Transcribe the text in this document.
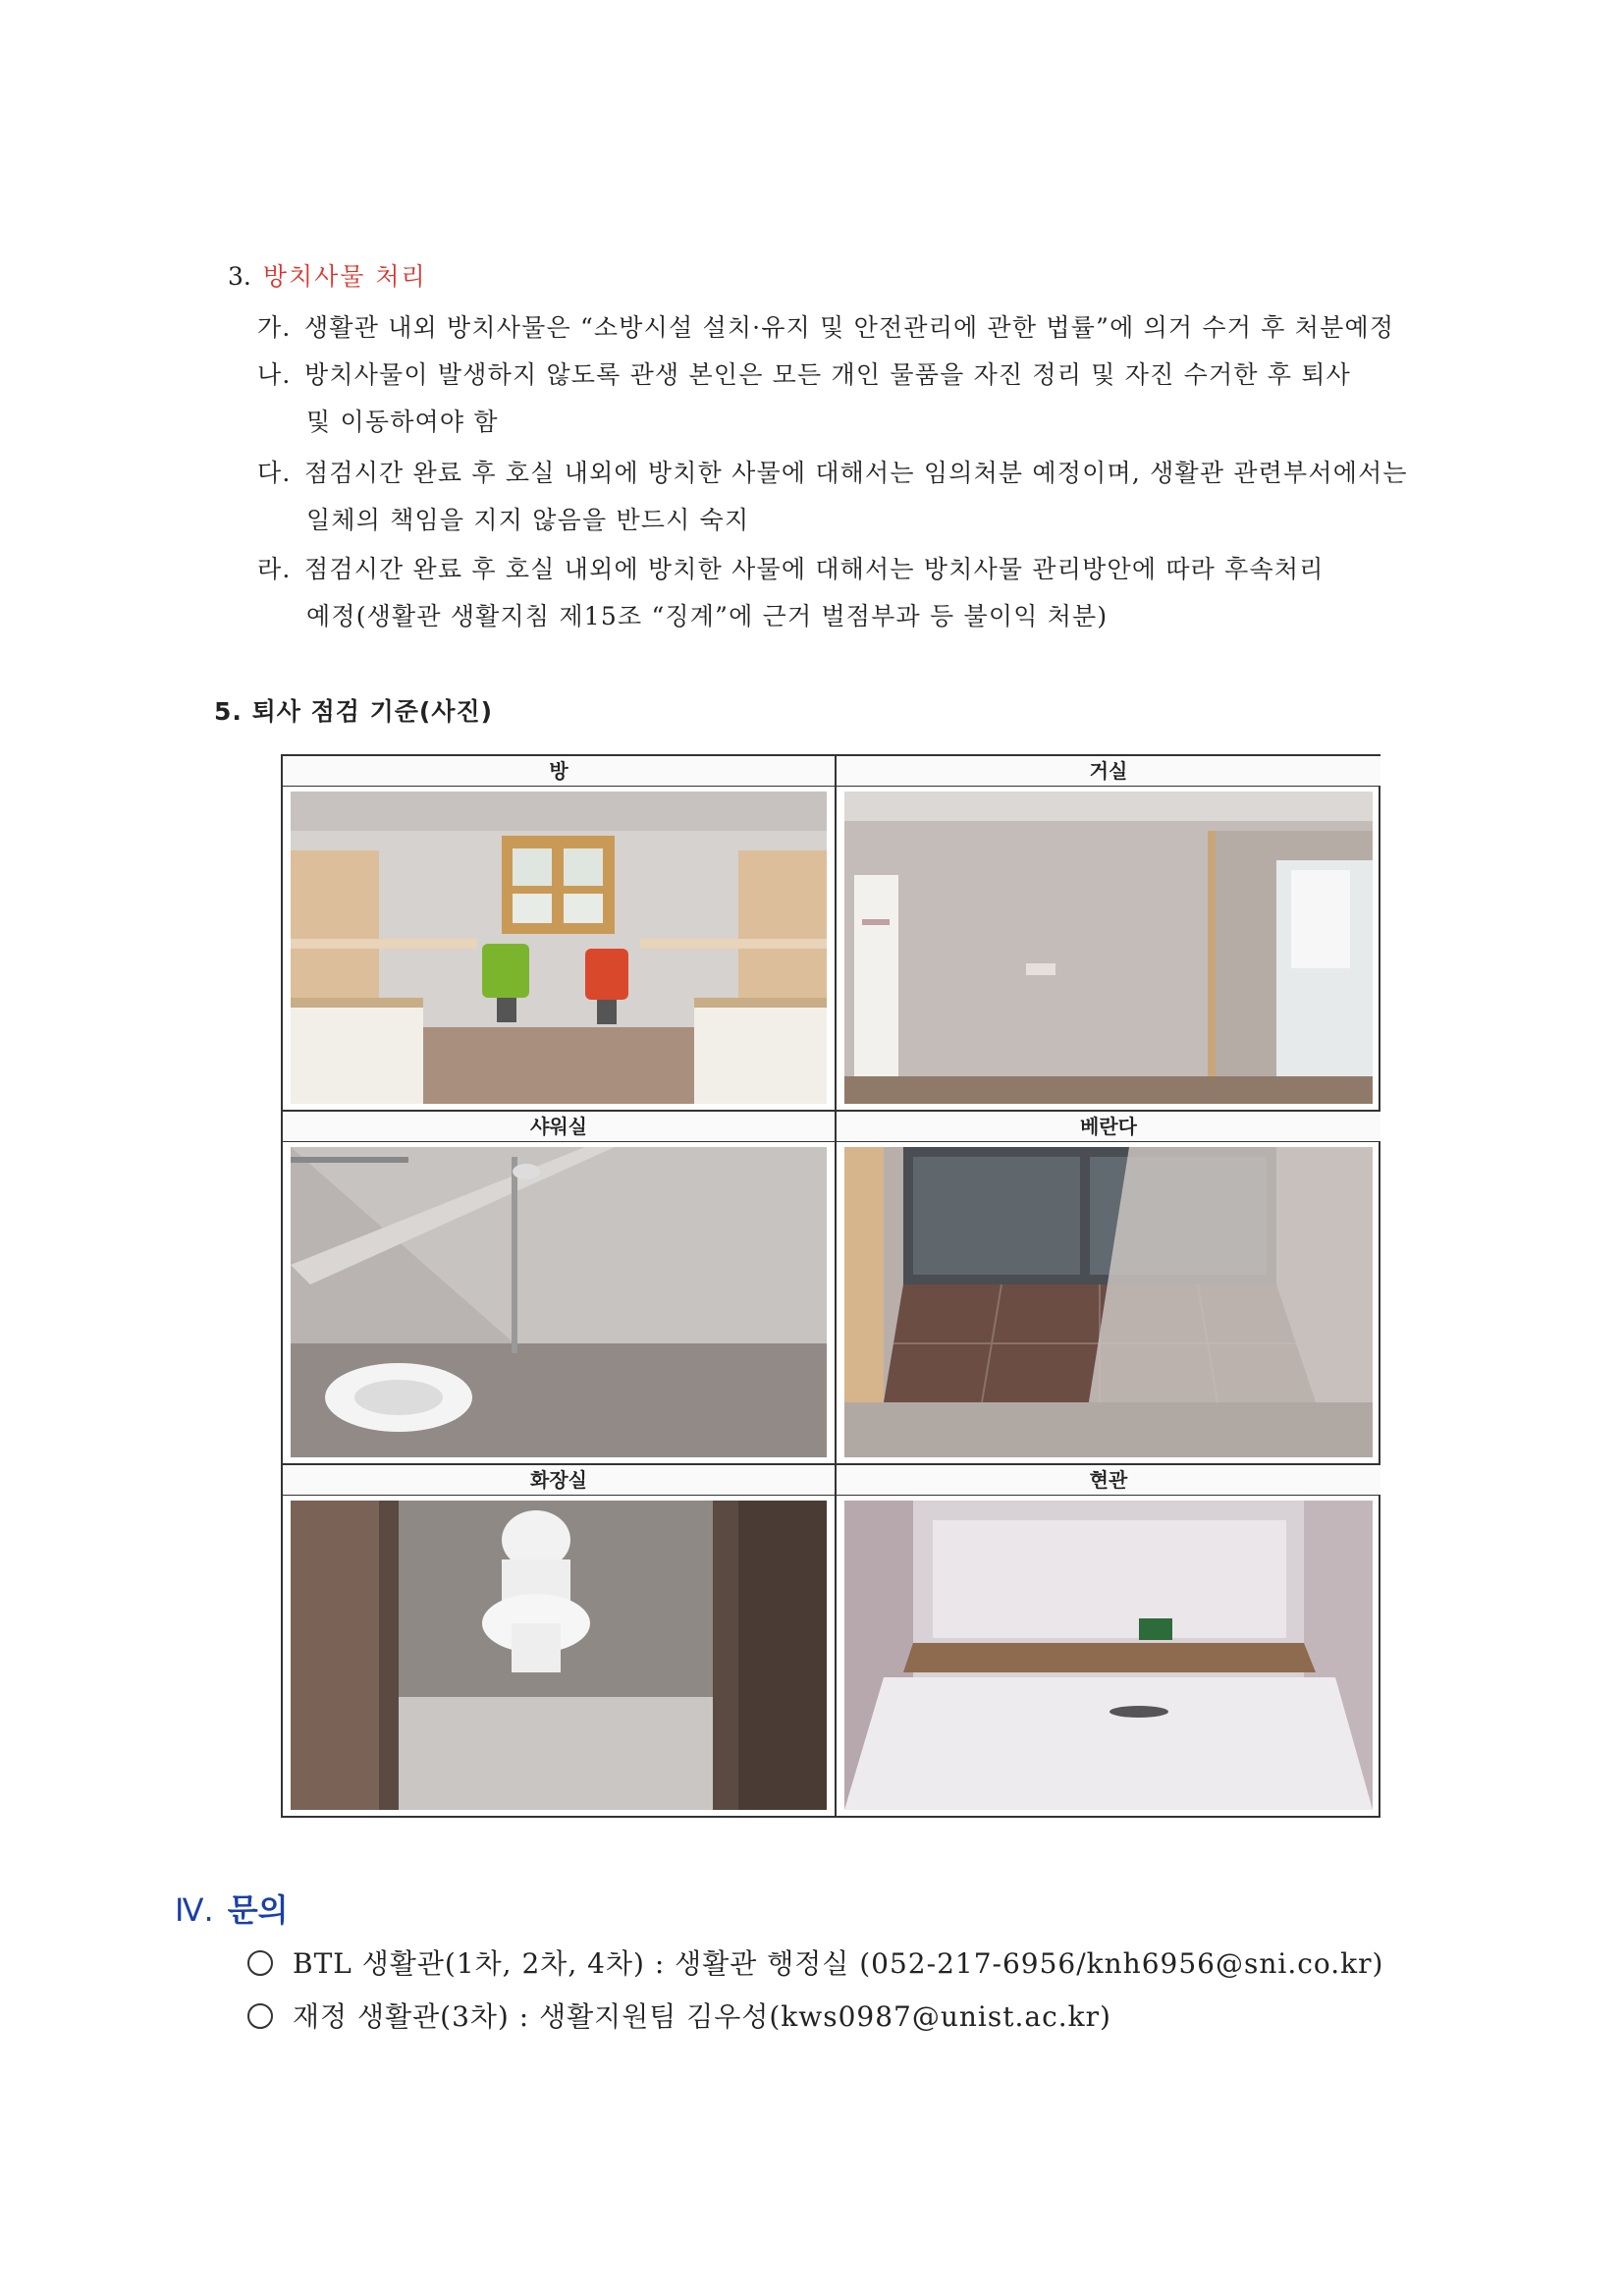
3. 방치사물 처리
가. 생활관 내외 방치사물은 “소방시설 설치·유지 및 안전관리에 관한 법률”에 의거 수거 후 처분예정
나. 방치사물이 발생하지 않도록 관생 본인은 모든 개인 물품을 자진 정리 및 자진 수거한 후 퇴사
및 이동하여야 함
다. 점검시간 완료 후 호실 내외에 방치한 사물에 대해서는 임의처분 예정이며, 생활관 관련부서에서는
일체의 책임을 지지 않음을 반드시 숙지
라. 점검시간 완료 후 호실 내외에 방치한 사물에 대해서는 방치사물 관리방안에 따라 후속처리
예정(생활관 생활지침 제15조 “징계”에 근거 벌점부과 등 불이익 처분)
5. 퇴사 점검 기준(사진)
방	거실
샤워실	베란다
화장실	현관
Ⅳ. 문의
BTL 생활관(1차, 2차, 4차) : 생활관 행정실 (052-217-6956/knh6956@sni.co.kr)
재정 생활관(3차) : 생활지원팀 김우성(kws0987@unist.ac.kr)
